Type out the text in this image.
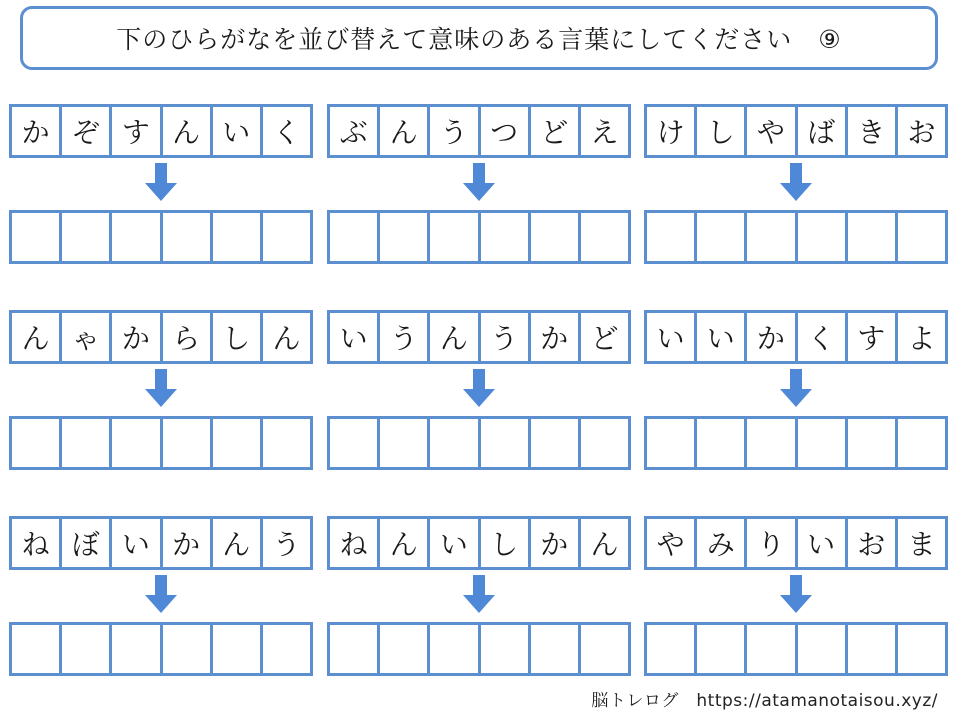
下のひらがなを並び替えて意味のある言葉にしてください　⑨
か ぞ す ん い く	ぶ ん う つ ど え	け し や ば き お
ん ゃ か ら し ん	い う ん う か ど	い い か く す よ
ね ぼ い か ん う	ね ん い し か ん	や み り い お ま
脳トレログ　https://atamanotaisou.xyz/
